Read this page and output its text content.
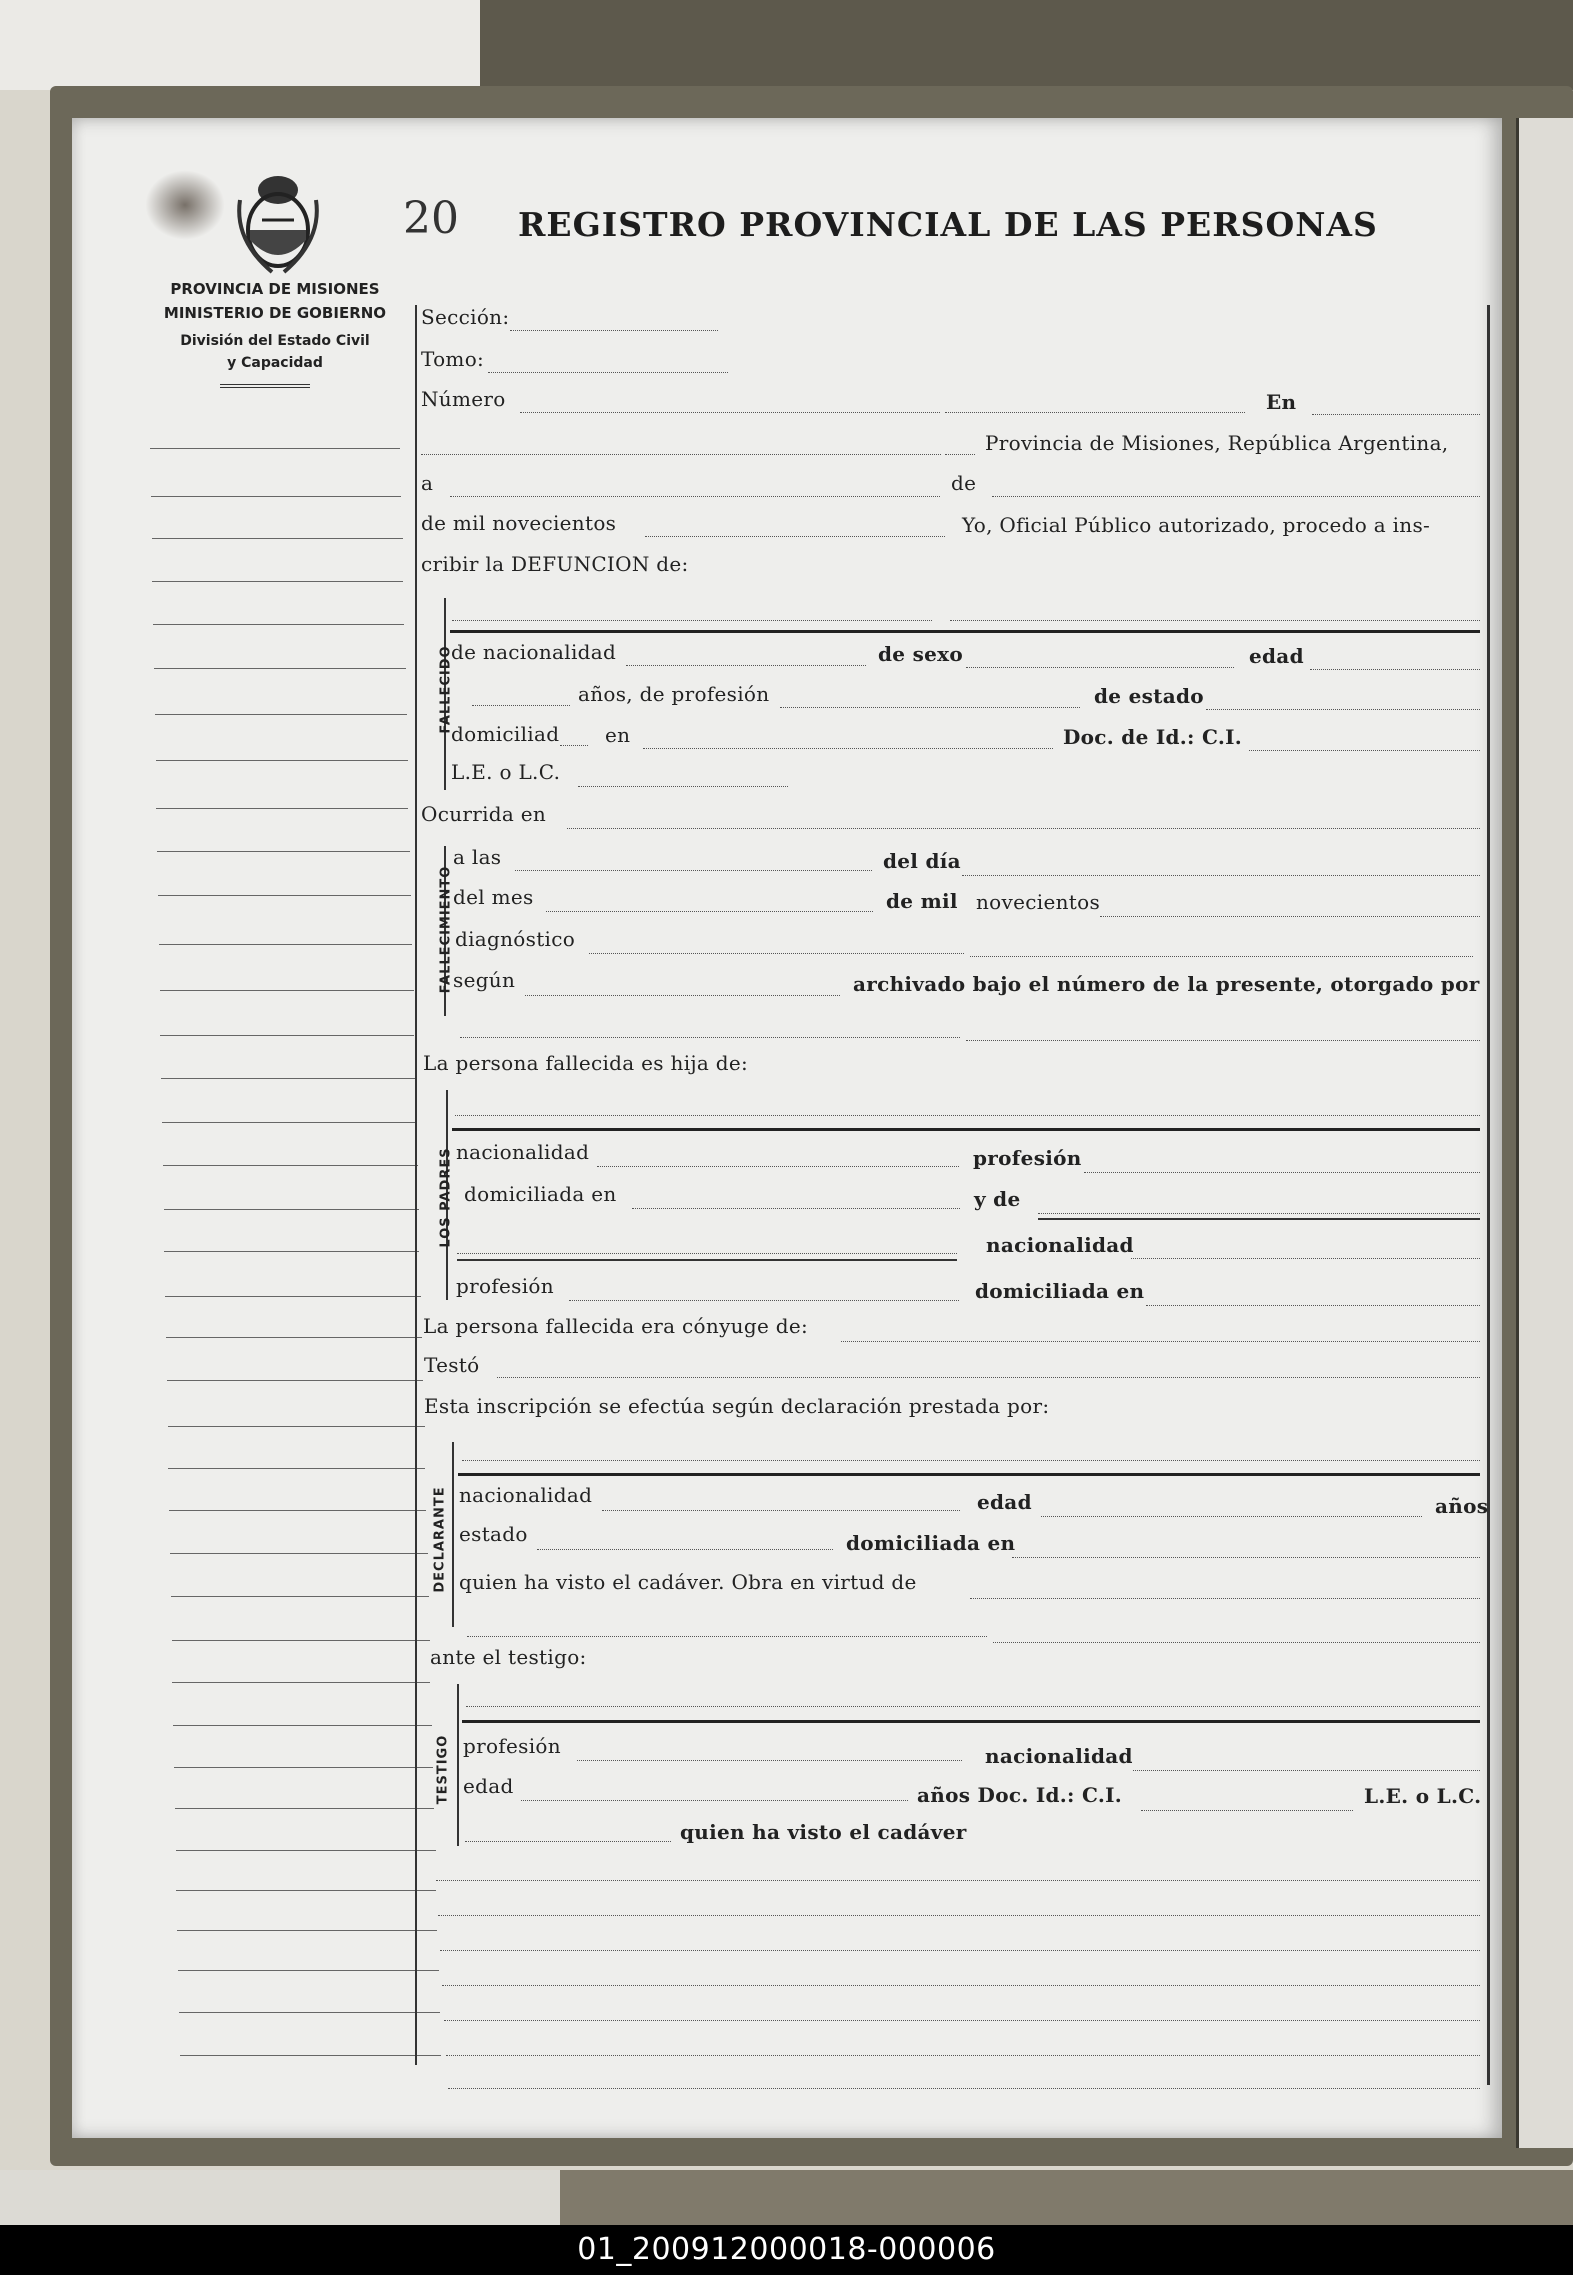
20 REGISTRO PROVINCIAL DE LAS PERSONAS
PROVINCIA DE MISIONES
MINISTERIO DE GOBIERNO
División del Estado Civil
y Capacidad
Sección:
Tomo:
Número	En
Provincia de Misiones, República Argentina,
a	de
de mil novecientos	Yo, Oficial Público autorizado, procedo a ins-
cribir la DEFUNCION de:
FALLECIDO
de nacionalidad	de sexo	edad
años, de profesión	de estado
domiciliad en	Doc. de Id.: C.I.
L.E. o L.C.
Ocurrida en
FALLECIMIENTO
a las	del día
del mes	de mil novecientos
diagnóstico
según	archivado bajo el número de la presente, otorgado por
La persona fallecida es hija de:
LOS PADRES nacionalidad	profesión
domiciliada en	y de
nacionalidad
profesión	domiciliada en
La persona fallecida era cónyuge de:
Testó
Esta inscripción se efectúa según declaración prestada por:
DECLARANTE nacionalidad	edad	años
estado	domiciliada en
quien ha visto el cadáver. Obra en virtud de
ante el testigo:
TESTIGO profesión	nacionalidad
edad	años Doc. Id.: C.I.	L.E. o L.C.
quien ha visto el cadáver
01_200912000018-000006
